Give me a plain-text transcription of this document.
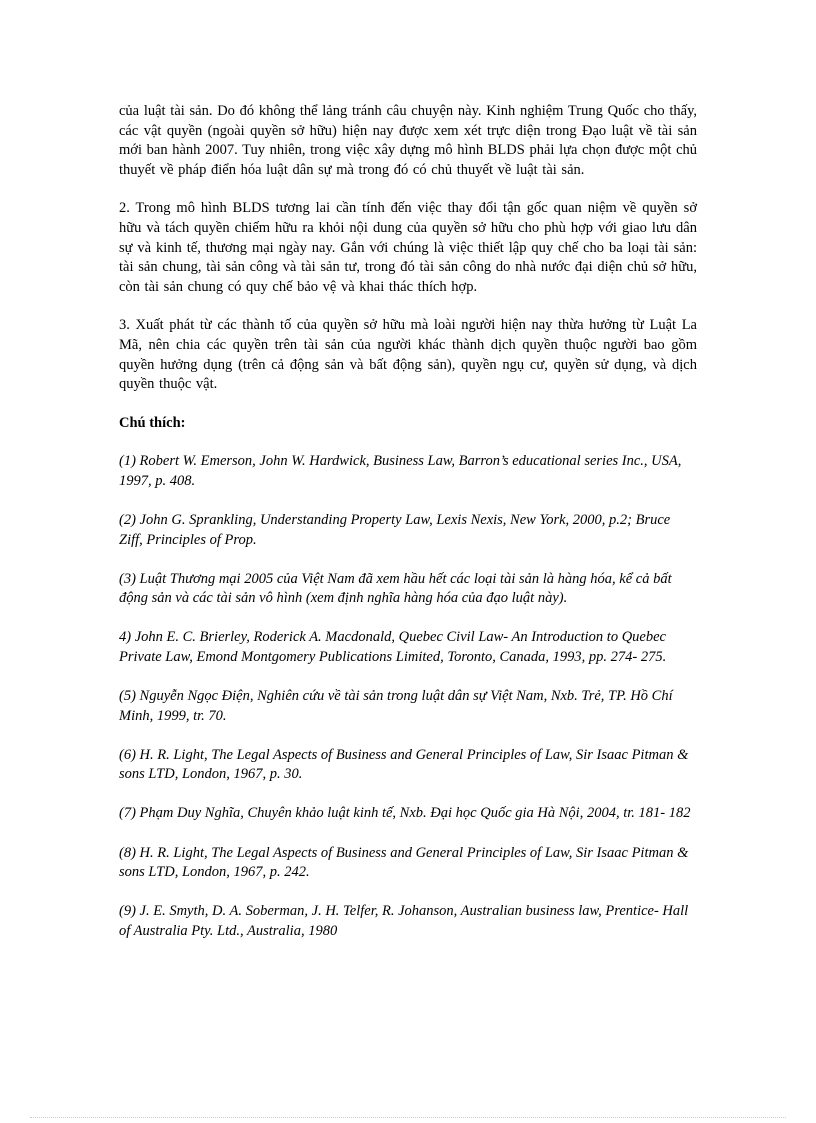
của luật tài sản. Do đó không thể lảng tránh câu chuyện này. Kinh nghiệm Trung Quốc cho thấy, các vật quyền (ngoài quyền sở hữu) hiện nay được xem xét trực diện trong Đạo luật về tài sản mới ban hành 2007. Tuy nhiên, trong việc xây dựng mô hình BLDS phải lựa chọn được một chủ thuyết về pháp điển hóa luật dân sự mà trong đó có chủ thuyết về luật tài sản.

2. Trong mô hình BLDS tương lai cần tính đến việc thay đổi tận gốc quan niệm về quyền sở hữu và tách quyền chiếm hữu ra khỏi nội dung của quyền sở hữu cho phù hợp với giao lưu dân sự và kinh tế, thương mại ngày nay. Gắn với chúng là việc thiết lập quy chế cho ba loại tài sản: tài sản chung, tài sản công và tài sản tư, trong đó tài sản công do nhà nước đại diện chủ sở hữu, còn tài sản chung có quy chế bảo vệ và khai thác thích hợp.

3. Xuất phát từ các thành tố của quyền sở hữu mà loài người hiện nay thừa hưởng từ Luật La Mã, nên chia các quyền trên tài sản của người khác thành dịch quyền thuộc người bao gồm quyền hưởng dụng (trên cả động sản và bất động sản), quyền ngụ cư, quyền sử dụng, và dịch quyền thuộc vật.

Chú thích:

(1) Robert W. Emerson, John W. Hardwick, Business Law, Barron’s educational series Inc., USA, 1997, p. 408.

(2) John G. Sprankling, Understanding Property Law, Lexis Nexis, New York, 2000, p.2; Bruce Ziff, Principles of Prop.

(3) Luật Thương mại 2005 của Việt Nam đã xem hầu hết các loại tài sản là hàng hóa, kể cả bất động sản và các tài sản vô hình (xem định nghĩa hàng hóa của đạo luật này).

4) John E. C. Brierley, Roderick A. Macdonald, Quebec Civil Law- An Introduction to Quebec Private Law, Emond Montgomery Publications Limited, Toronto, Canada, 1993, pp. 274- 275.

(5) Nguyễn Ngọc Điện, Nghiên cứu về tài sản trong luật dân sự Việt Nam, Nxb. Trẻ, TP. Hồ Chí Minh, 1999, tr. 70.

(6) H. R. Light, The Legal Aspects of Business and General Principles of Law, Sir Isaac Pitman & sons LTD, London, 1967, p. 30.

(7) Phạm Duy Nghĩa, Chuyên khảo luật kinh tế, Nxb. Đại học Quốc gia Hà Nội, 2004, tr. 181- 182

(8) H. R. Light, The Legal Aspects of Business and General Principles of Law, Sir Isaac Pitman & sons LTD, London, 1967, p. 242.

(9) J. E. Smyth, D. A. Soberman, J. H. Telfer, R. Johanson, Australian business law, Prentice- Hall of Australia Pty. Ltd., Australia, 1980
